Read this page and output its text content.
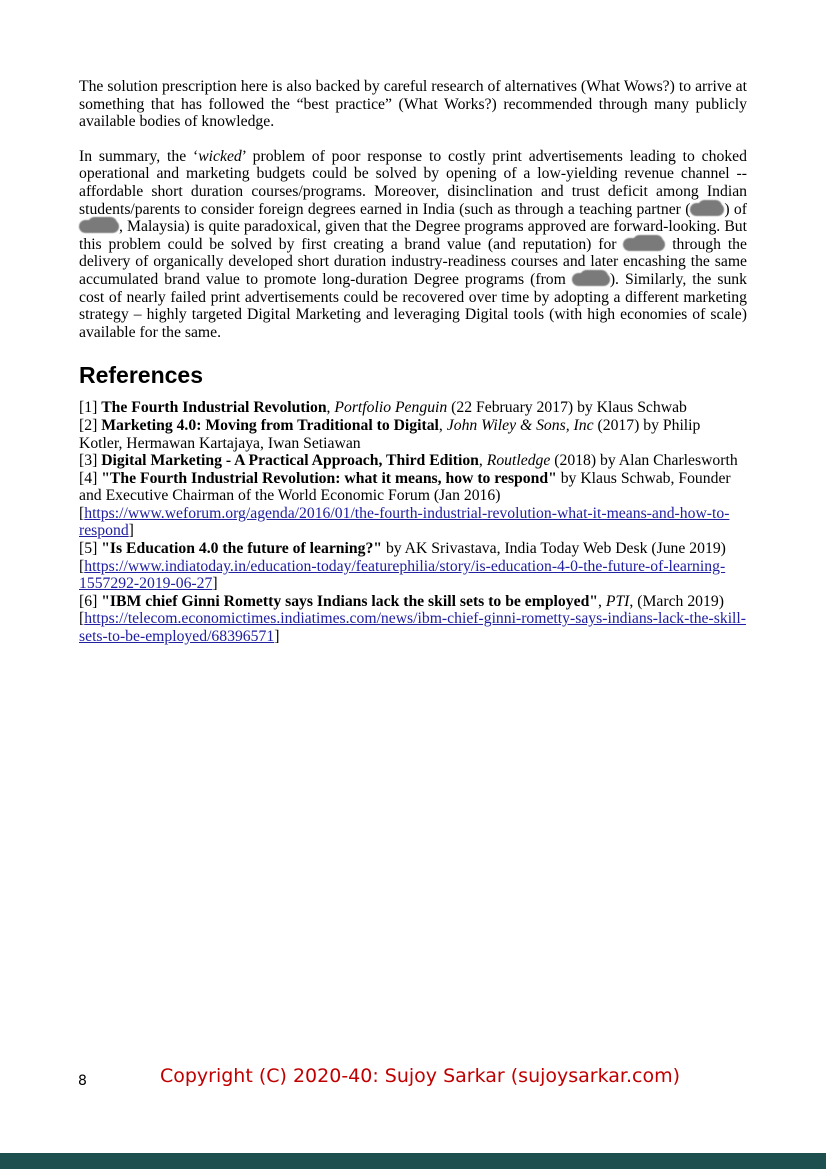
The solution prescription here is also backed by careful research of alternatives (What Wows?) to arrive at something that has followed the “best practice” (What Works?) recommended through many publicly available bodies of knowledge.

In summary, the ‘wicked’ problem of poor response to costly print advertisements leading to choked operational and marketing budgets could be solved by opening of a low-yielding revenue channel -- affordable short duration courses/programs. Moreover, disinclination and trust deficit among Indian students/parents to consider foreign degrees earned in India (such as through a teaching partner ( ) of , Malaysia) is quite paradoxical, given that the Degree programs approved are forward-looking. But this problem could be solved by first creating a brand value (and reputation) for	through the delivery of organically developed short duration industry-readiness courses and later encashing the same accumulated brand value to promote long-duration Degree programs (from ). Similarly, the sunk cost of nearly failed print advertisements could be recovered over time by adopting a different marketing strategy – highly targeted Digital Marketing and leveraging Digital tools (with high economies of scale) available for the same.

References

[1] The Fourth Industrial Revolution, Portfolio Penguin (22 February 2017) by Klaus Schwab

[2] Marketing 4.0: Moving from Traditional to Digital, John Wiley & Sons, Inc (2017) by Philip Kotler, Hermawan Kartajaya, Iwan Setiawan

[3] Digital Marketing - A Practical Approach, Third Edition, Routledge (2018) by Alan Charlesworth

[4] "The Fourth Industrial Revolution: what it means, how to respond" by Klaus Schwab, Founder and Executive Chairman of the World Economic Forum (Jan 2016) [https://www.weforum.org/agenda/2016/01/the-fourth-industrial-revolution-what-it-means-and-how-to-respond]

[5] "Is Education 4.0 the future of learning?" by AK Srivastava, India Today Web Desk (June 2019) [https://www.indiatoday.in/education-today/featurephilia/story/is-education-4-0-the-future-of-learning-1557292-2019-06-27]

[6] "IBM chief Ginni Rometty says Indians lack the skill sets to be employed", PTI, (March 2019) [https://telecom.economictimes.indiatimes.com/news/ibm-chief-ginni-rometty-says-indians-lack-the-skill-sets-to-be-employed/68396571]

8	Copyright (C) 2020-40: Sujoy Sarkar (sujoysarkar.com)
